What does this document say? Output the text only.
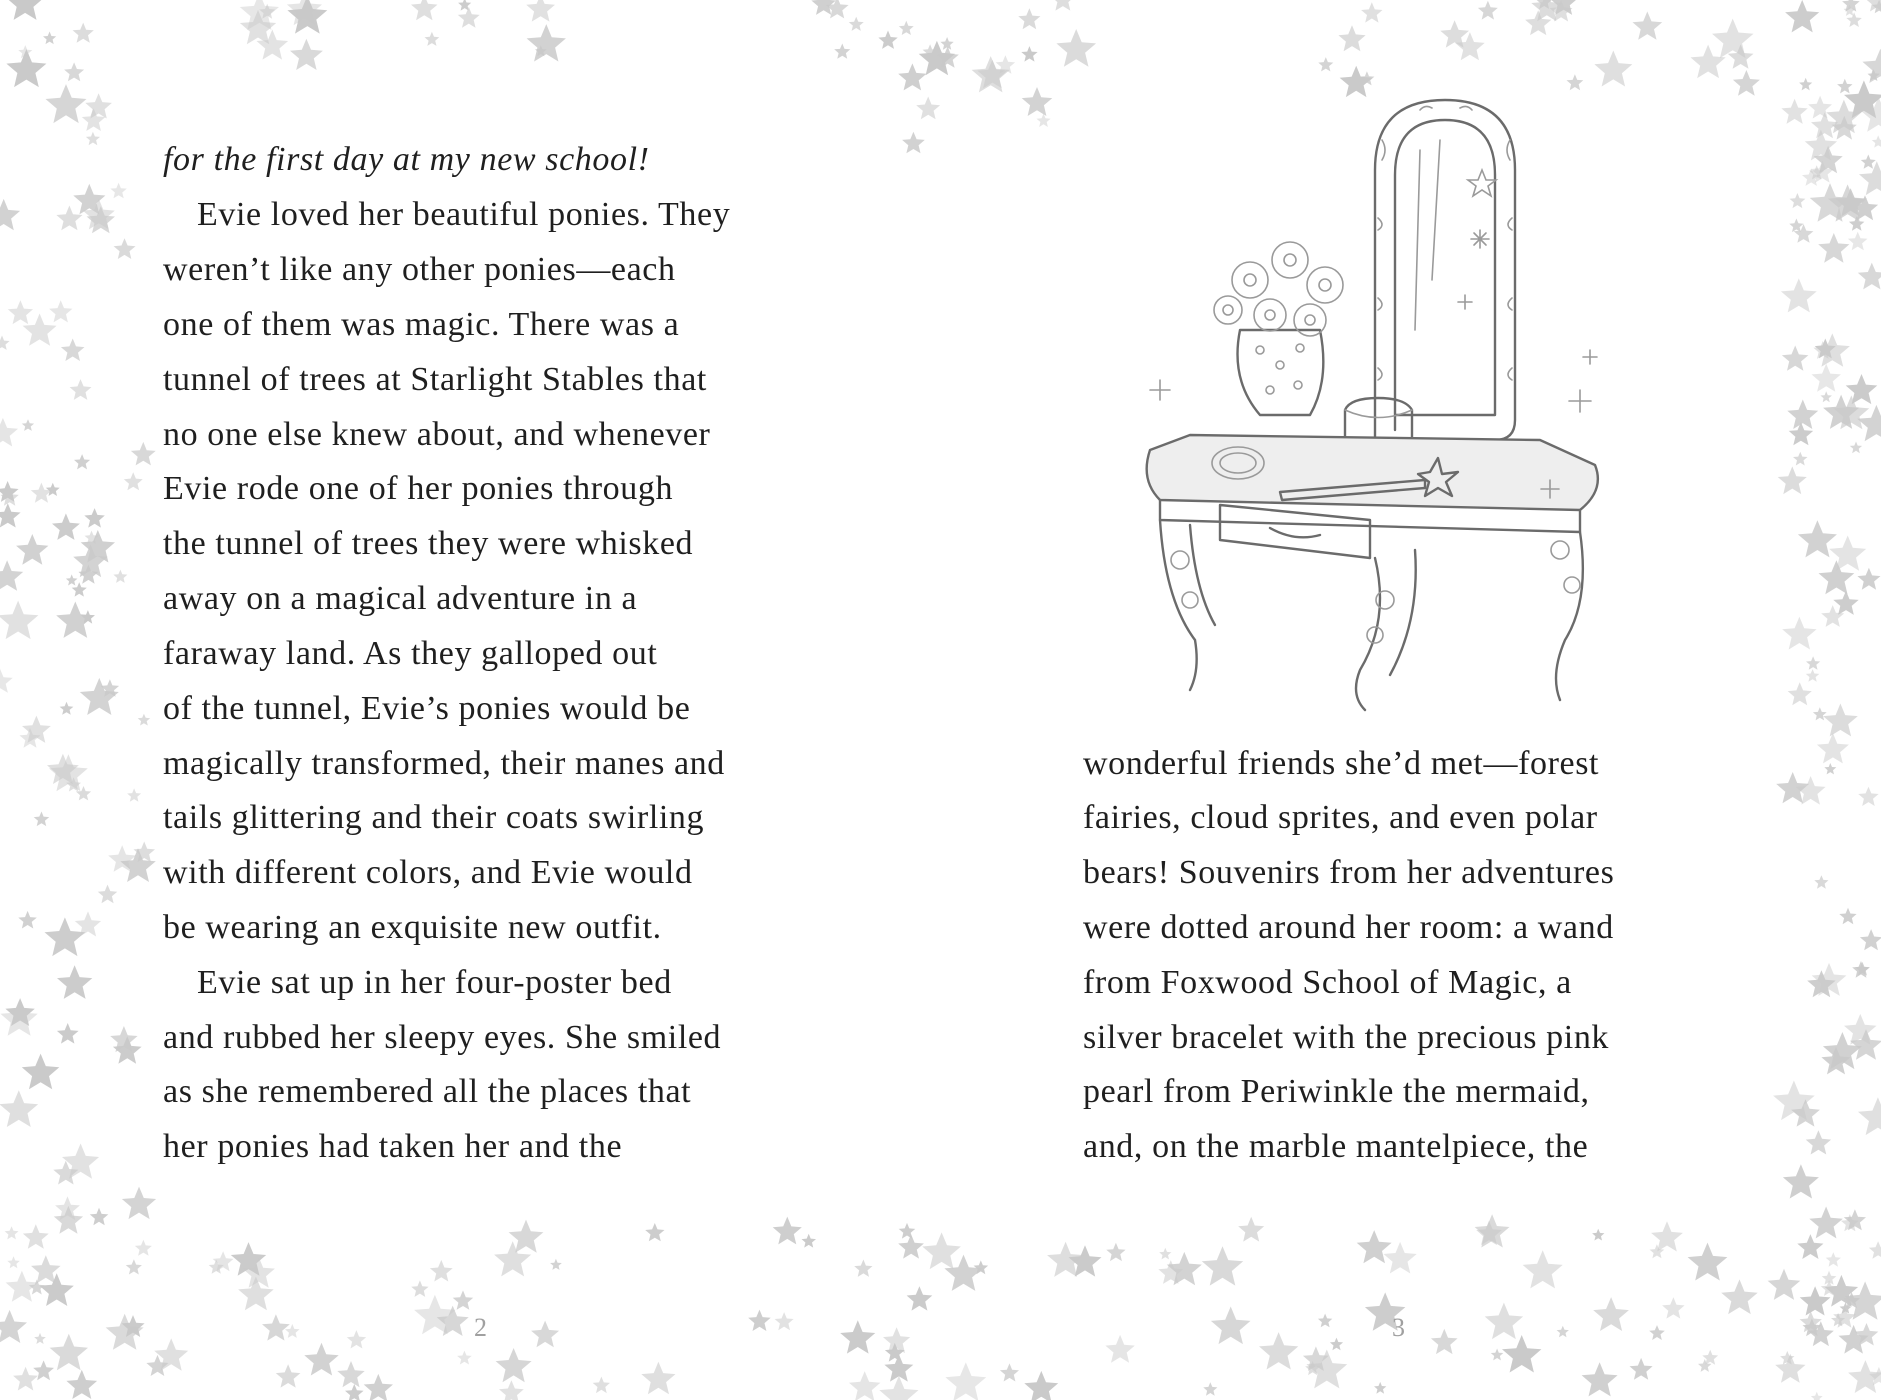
for the first day at my new school!
Evie loved her beautiful ponies. They
weren’t like any other ponies—each
one of them was magic. There was a
tunnel of trees at Starlight Stables that
no one else knew about, and whenever
Evie rode one of her ponies through
the tunnel of trees they were whisked
away on a magical adventure in a
faraway land. As they galloped out
of the tunnel, Evie’s ponies would be
magically transformed, their manes and
tails glittering and their coats swirling
with different colors, and Evie would
be wearing an exquisite new outfit.
Evie sat up in her four-poster bed
and rubbed her sleepy eyes. She smiled
as she remembered all the places that
her ponies had taken her and the
2
wonderful friends she’d met—forest
fairies, cloud sprites, and even polar
bears! Souvenirs from her adventures
were dotted around her room: a wand
from Foxwood School of Magic, a
silver bracelet with the precious pink
pearl from Periwinkle the mermaid,
and, on the marble mantelpiece, the
3
